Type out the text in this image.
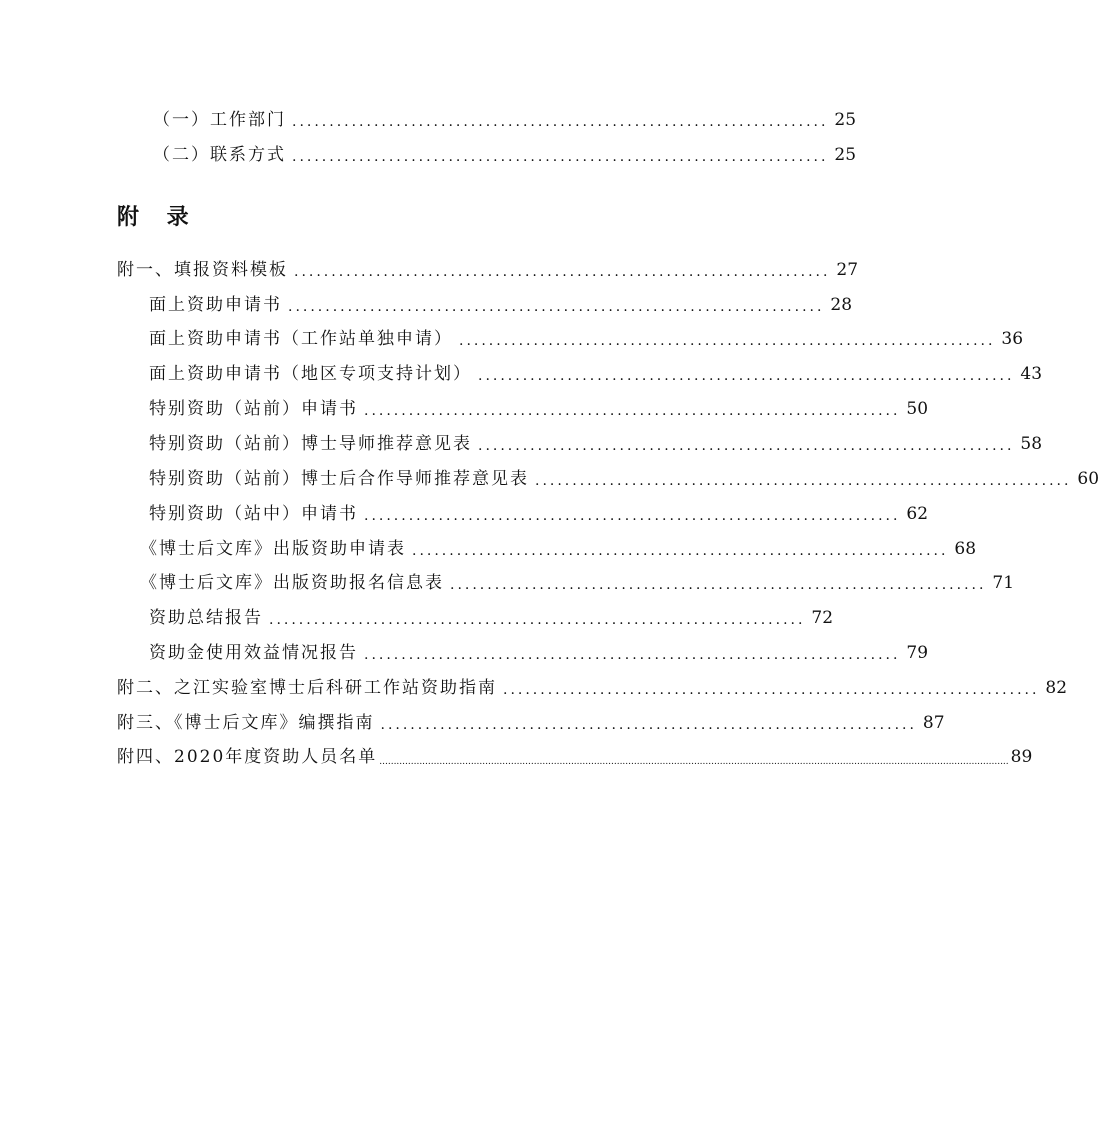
（一）工作部门 ........................................................................ 25
（二）联系方式 ........................................................................ 25
附 录
附一、填报资料模板 ........................................................................ 27
面上资助申请书 ........................................................................ 28
面上资助申请书（工作站单独申请） ........................................................................ 36
面上资助申请书（地区专项支持计划） ........................................................................ 43
特别资助（站前）申请书 ........................................................................ 50
特别资助（站前）博士导师推荐意见表 ........................................................................ 58
特别资助（站前）博士后合作导师推荐意见表 ........................................................................ 60
特别资助（站中）申请书 ........................................................................ 62
《博士后文库》出版资助申请表 ........................................................................ 68
《博士后文库》出版资助报名信息表 ........................................................................ 71
资助总结报告 ........................................................................ 72
资助金使用效益情况报告 ........................................................................ 79
附二、之江实验室博士后科研工作站资助指南 ........................................................................ 82
附三、《博士后文库》编撰指南 ........................................................................ 87
附四、2020年度资助人员名单 ............................................................................................................................................................................................................................ 89
